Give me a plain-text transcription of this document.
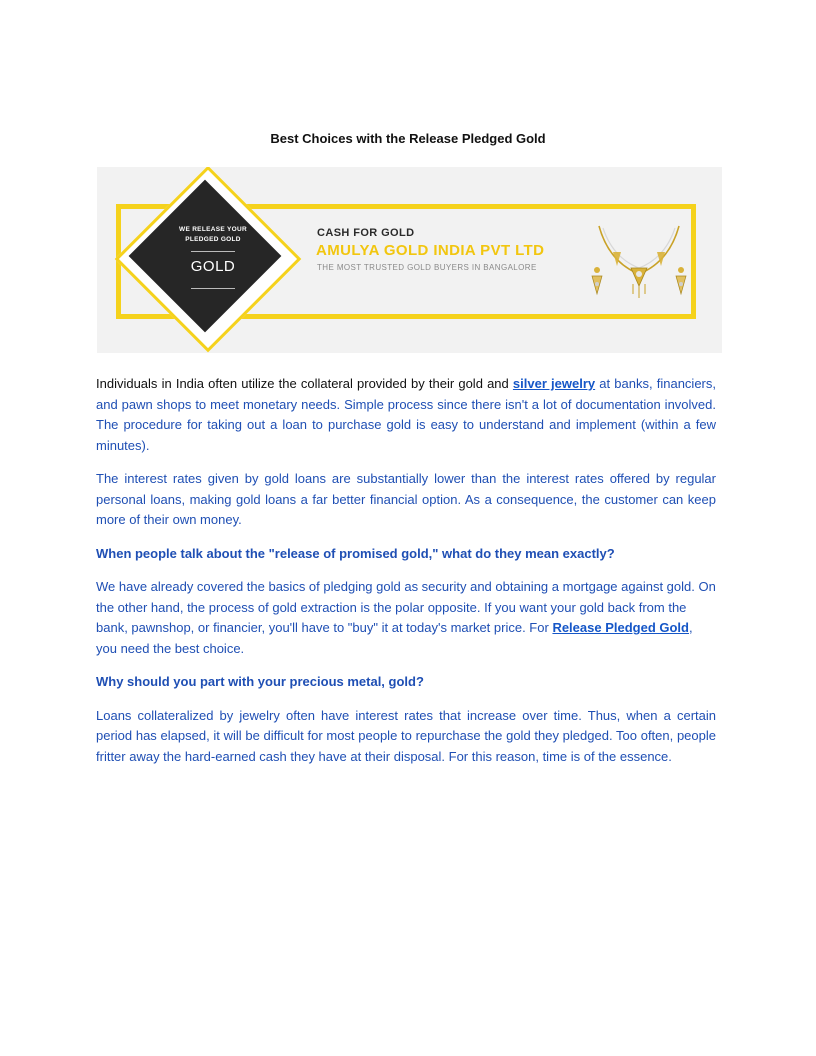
Best Choices with the Release Pledged Gold
WE RELEASE YOUR
PLEDGED GOLD
GOLD
CASH FOR GOLD
AMULYA GOLD INDIA PVT LTD
THE MOST TRUSTED GOLD BUYERS IN BANGALORE

Individuals in India often utilize the collateral provided by their gold and silver jewelry at banks, financiers, and pawn shops to meet monetary needs. Simple process since there isn't a lot of documentation involved. The procedure for taking out a loan to purchase gold is easy to understand and implement (within a few minutes).

The interest rates given by gold loans are substantially lower than the interest rates offered by regular personal loans, making gold loans a far better financial option. As a consequence, the customer can keep more of their own money.

When people talk about the "release of promised gold," what do they mean exactly?

We have already covered the basics of pledging gold as security and obtaining a mortgage against gold. On the other hand, the process of gold extraction is the polar opposite. If you want your gold back from the bank, pawnshop, or financier, you'll have to "buy" it at today's market price. For Release Pledged Gold, you need the best choice.

Why should you part with your precious metal, gold?

Loans collateralized by jewelry often have interest rates that increase over time. Thus, when a certain period has elapsed, it will be difficult for most people to repurchase the gold they pledged. Too often, people fritter away the hard-earned cash they have at their disposal. For this reason, time is of the essence.
